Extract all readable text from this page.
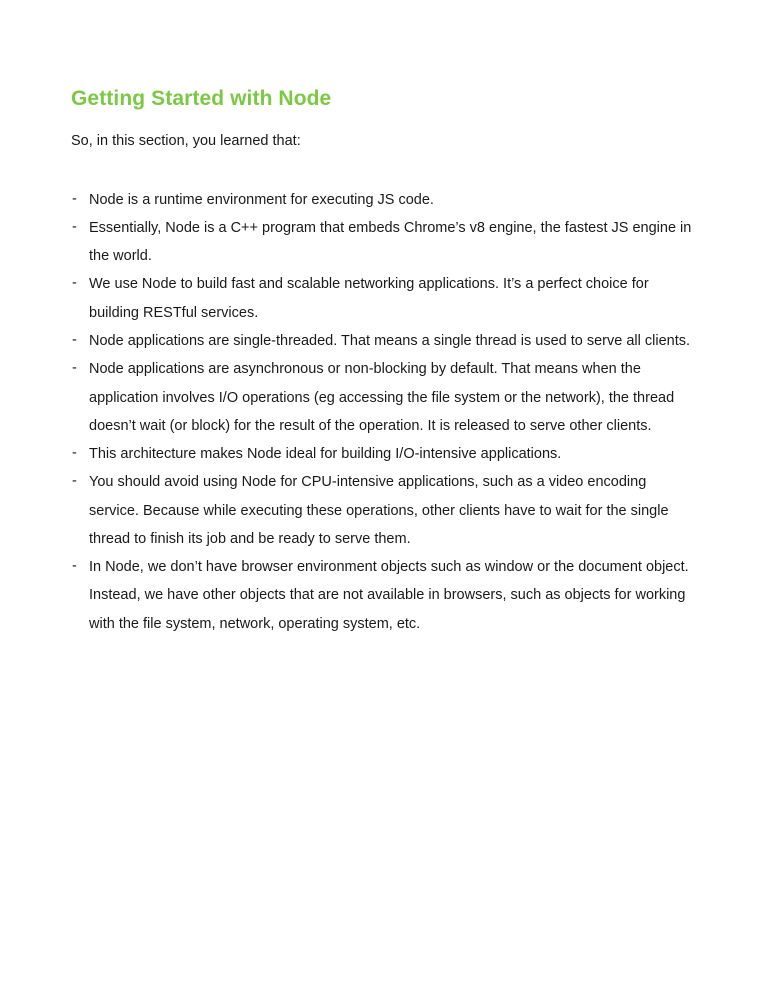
Getting Started with Node

So, in this section, you learned that:

- Node is a runtime environment for executing JS code.
- Essentially, Node is a C++ program that embeds Chrome’s v8 engine, the fastest JS engine in the world.
- We use Node to build fast and scalable networking applications. It’s a perfect choice for building RESTful services.
- Node applications are single-threaded. That means a single thread is used to serve all clients.
- Node applications are asynchronous or non-blocking by default. That means when the application involves I/O operations (eg accessing the file system or the network), the thread doesn’t wait (or block) for the result of the operation. It is released to serve other clients.
- This architecture makes Node ideal for building I/O-intensive applications.
- You should avoid using Node for CPU-intensive applications, such as a video encoding service. Because while executing these operations, other clients have to wait for the single thread to finish its job and be ready to serve them.
- In Node, we don’t have browser environment objects such as window or the document object. Instead, we have other objects that are not available in browsers, such as objects for working with the file system, network, operating system, etc.
